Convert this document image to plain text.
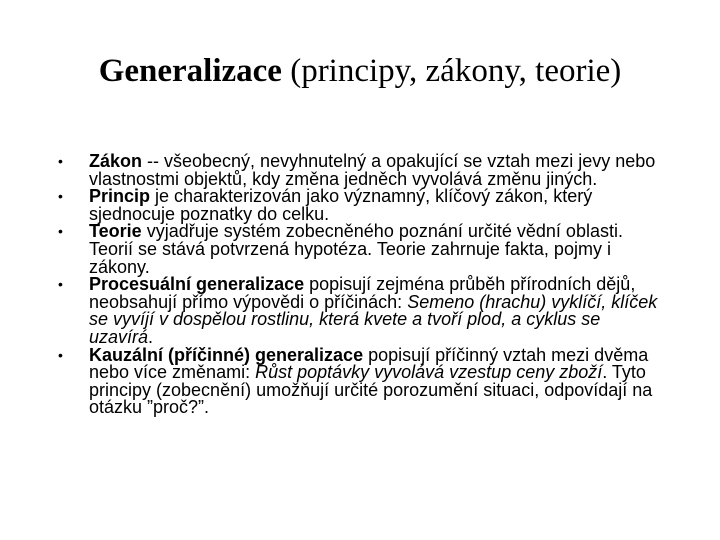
Generalizace (principy, zákony, teorie)
• Zákon -- všeobecný, nevyhnutelný a opakující se vztah mezi jevy nebo vlastnostmi objektů, kdy změna jedněch vyvolává změnu jiných.
• Princip je charakterizován jako významný, klíčový zákon, který sjednocuje poznatky do celku.
• Teorie vyjadřuje systém zobecněného poznání určité vědní oblasti. Teorií se stává potvrzená hypotéza. Teorie zahrnuje fakta, pojmy i zákony.
• Procesuální generalizace popisují zejména průběh přírodních dějů, neobsahují přímo výpovědi o příčinách: Semeno (hrachu) vyklíčí, klíček se vyvíjí v dospělou rostlinu, která kvete a tvoří plod, a cyklus se uzavírá.
• Kauzální (příčinné) generalizace popisují příčinný vztah mezi dvěma nebo více změnami: Růst poptávky vyvolává vzestup ceny zboží. Tyto principy (zobecnění) umožňují určité porozumění situaci, odpovídají na otázku ”proč?”.
